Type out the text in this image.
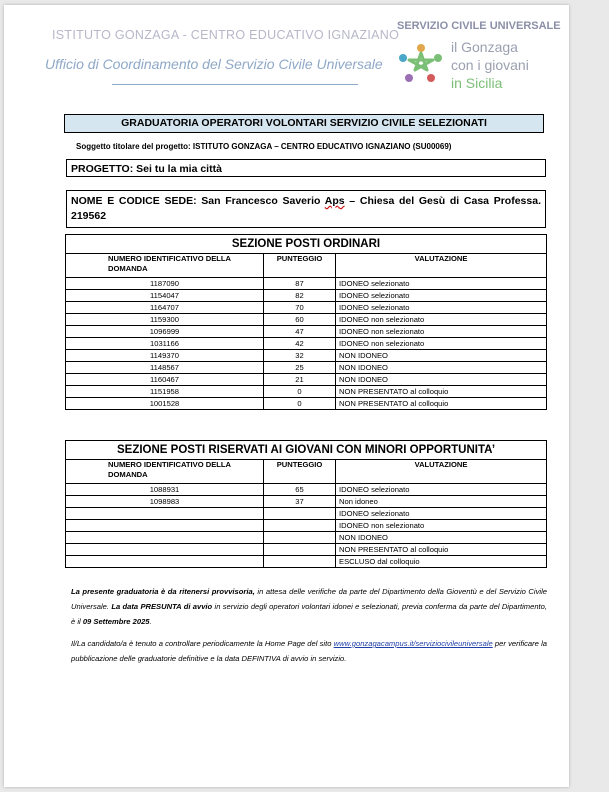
ISTITUTO GONZAGA - CENTRO EDUCATIVO IGNAZIANO
Ufficio di Coordinamento del Servizio Civile Universale
SERVIZIO CIVILE UNIVERSALE
il Gonzaga
con i giovani
in Sicilia
GRADUATORIA OPERATORI VOLONTARI SERVIZIO CIVILE SELEZIONATI
Soggetto titolare del progetto: ISTITUTO GONZAGA – CENTRO EDUCATIVO IGNAZIANO (SU00069)
PROGETTO: Sei tu la mia città
NOME E CODICE SEDE: San Francesco Saverio Aps – Chiesa del Gesù di Casa Professa. 219562
SEZIONE POSTI ORDINARI		
NUMERO IDENTIFICATIVO DELLA DOMANDA	PUNTEGGIO	VALUTAZIONE
1187090	87	IDONEO selezionato
1154047	82	IDONEO selezionato
1164707	70	IDONEO selezionato
1159300	60	IDONEO non selezionato
1096999	47	IDONEO non selezionato
1031166	42	IDONEO non selezionato
1149370	32	NON IDONEO
1148567	25	NON IDONEO
1160467	21	NON IDONEO
1151958	0	NON PRESENTATO al colloquio
1001528	0	NON PRESENTATO al colloquio
SEZIONE POSTI RISERVATI AI GIOVANI CON MINORI OPPORTUNITA’		
NUMERO IDENTIFICATIVO DELLA DOMANDA	PUNTEGGIO	VALUTAZIONE
1088931	65	IDONEO selezionato
1098983	37	Non idoneo
		IDONEO selezionato
		IDONEO non selezionato
		NON IDONEO
		NON PRESENTATO al colloquio
		ESCLUSO dal colloquio
La presente graduatoria è da ritenersi provvisoria, in attesa delle verifiche da parte del Dipartimento della Gioventù e del Servizio Civile Universale. La data PRESUNTA di avvio in servizio degli operatori volontari idonei e selezionati, previa conferma da parte del Dipartimento, è il 09 Settembre 2025.
Il/La candidato/a è tenuto a controllare periodicamente la Home Page del sito www.gonzagacampus.it/serviziocivileuniversale per verificare la pubblicazione delle graduatorie definitive e la data DEFINTIVA di avvio in servizio.
